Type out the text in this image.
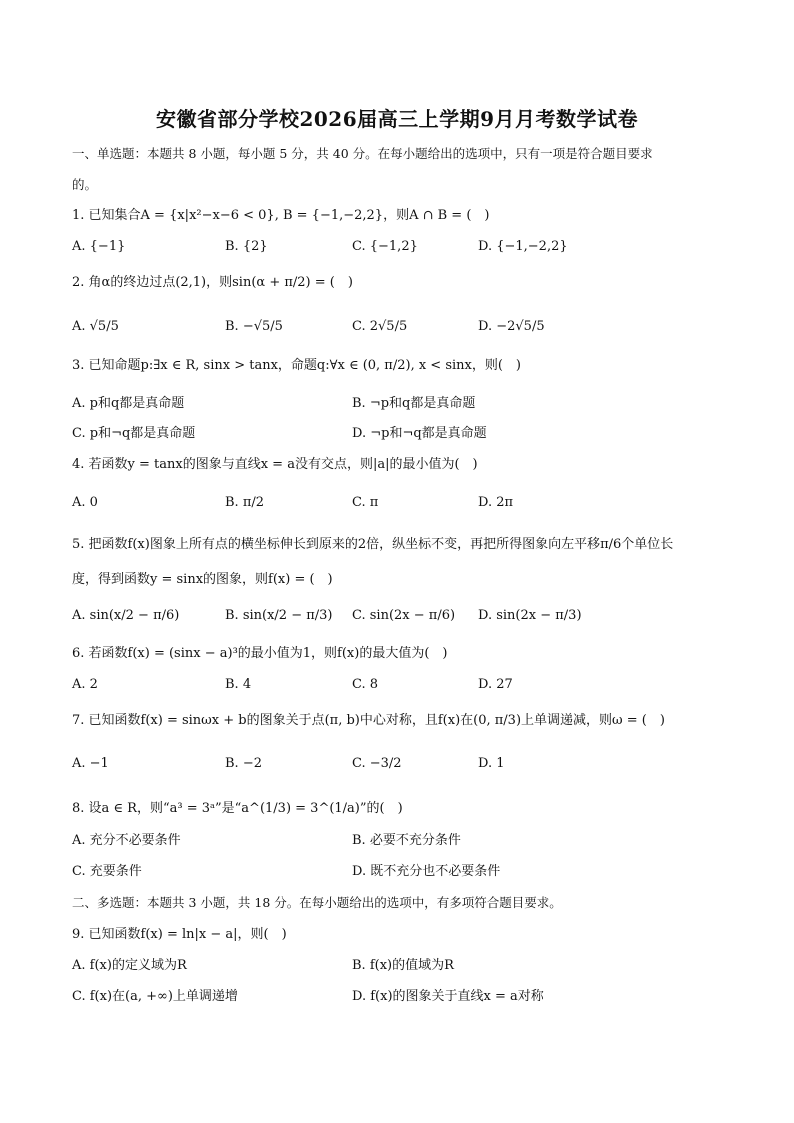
安徽省部分学校2026届高三上学期9月月考数学试卷
一、单选题：本题共 8 小题，每小题 5 分，共 40 分。在每小题给出的选项中，只有一项是符合题目要求
的。
1. 已知集合A = {x|x²−x−6 < 0}, B = {−1,−2,2}，则A ∩ B = (　)
A. {−1}	B. {2}	C. {−1,2}	D. {−1,−2,2}
2. 角α的终边过点(2,1)，则sin(α + π/2) = (　)
A. √5/5	B. −√5/5	C. 2√5/5	D. −2√5/5
3. 已知命题p:∃x ∈ R, sinx > tanx，命题q:∀x ∈ (0, π/2), x < sinx，则(　)
A. p和q都是真命题	B. ¬p和q都是真命题
C. p和¬q都是真命题	D. ¬p和¬q都是真命题
4. 若函数y = tanx的图象与直线x = a没有交点，则|a|的最小值为(　)
A. 0	B. π/2	C. π	D. 2π
5. 把函数f(x)图象上所有点的横坐标伸长到原来的2倍，纵坐标不变，再把所得图象向左平移π/6个单位长
度，得到函数y = sinx的图象，则f(x) = (　)
A. sin(x/2 − π/6)	B. sin(x/2 − π/3) C. sin(2x − π/6) D. sin(2x − π/3)
6. 若函数f(x) = (sinx − a)³的最小值为1，则f(x)的最大值为(　)
A. 2	B. 4	C. 8	D. 27
7. 已知函数f(x) = sinωx + b的图象关于点(π, b)中心对称，且f(x)在(0, π/3)上单调递减，则ω = (　)
A. −1	B. −2	C. −3/2	D. 1
8. 设a ∈ R，则“a³ = 3ᵃ”是“a^(1/3) = 3^(1/a)”的(　)
A. 充分不必要条件	B. 必要不充分条件
C. 充要条件	D. 既不充分也不必要条件
二、多选题：本题共 3 小题，共 18 分。在每小题给出的选项中，有多项符合题目要求。
9. 已知函数f(x) = ln|x − a|，则(　)
A. f(x)的定义域为R	B. f(x)的值域为R
C. f(x)在(a, +∞)上单调递增	D. f(x)的图象关于直线x = a对称
